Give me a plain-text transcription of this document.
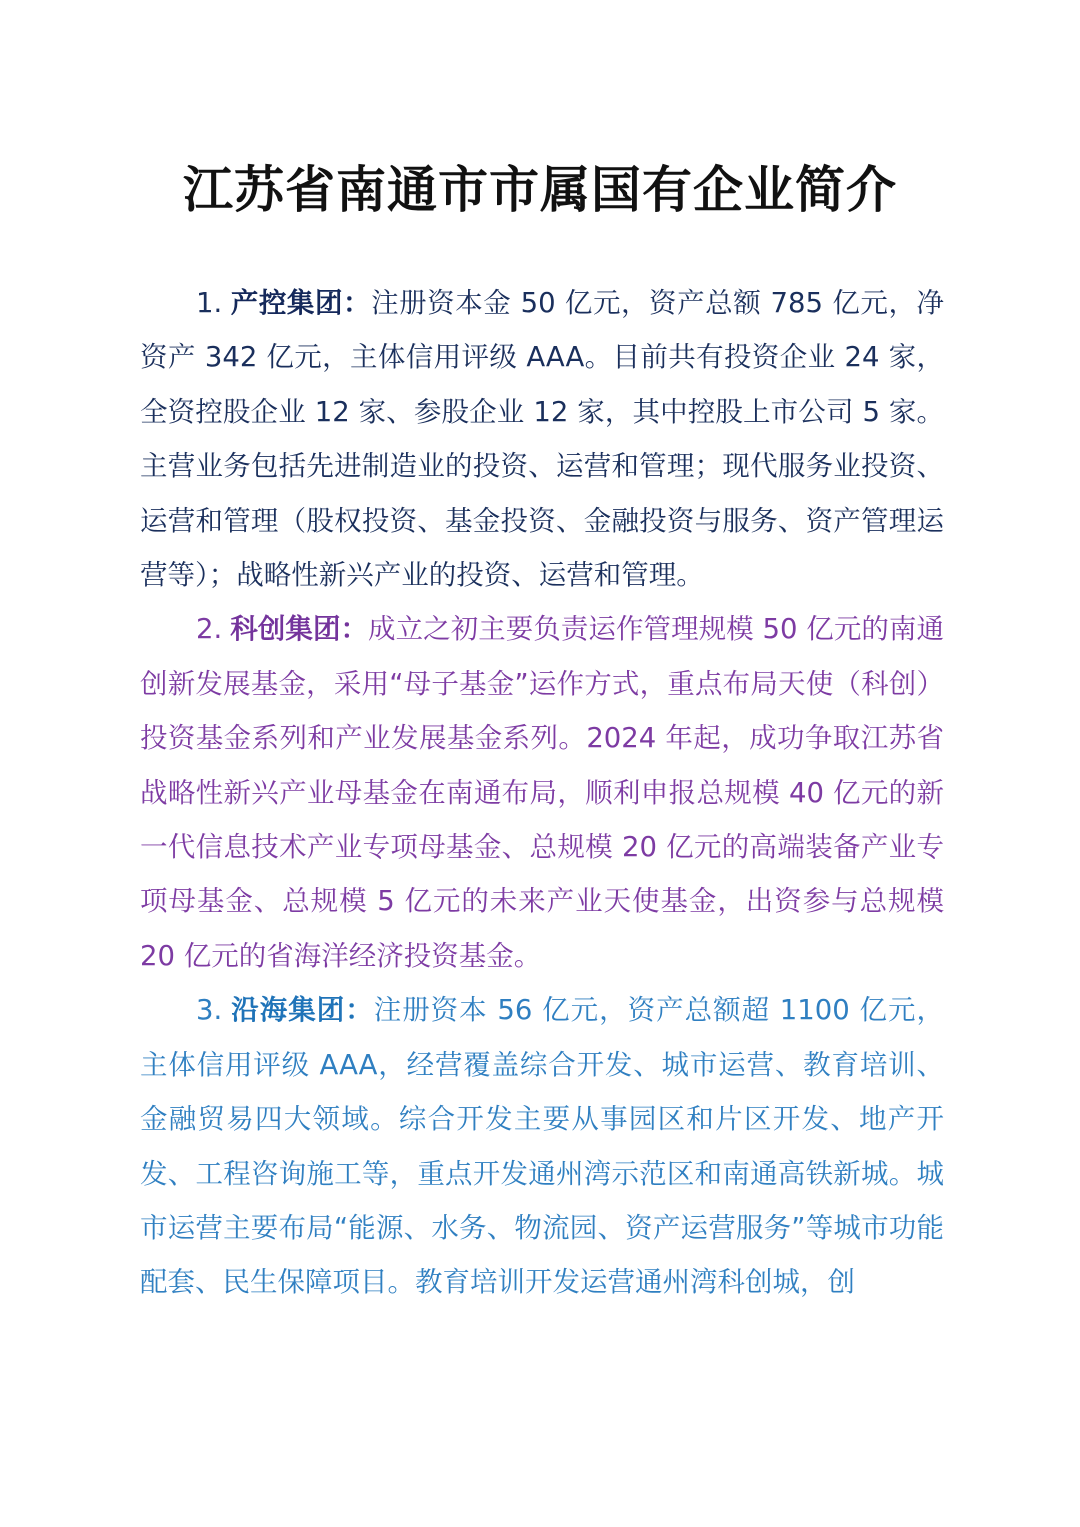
江苏省南通市市属国有企业简介

1. 产控集团：注册资本金 50 亿元，资产总额 785 亿元，净资产 342 亿元，主体信用评级 AAA。目前共有投资企业 24 家，全资控股企业 12 家、参股企业 12 家，其中控股上市公司 5 家。主营业务包括先进制造业的投资、运营和管理；现代服务业投资、运营和管理（股权投资、基金投资、金融投资与服务、资产管理运营等）；战略性新兴产业的投资、运营和管理。

2. 科创集团：成立之初主要负责运作管理规模 50 亿元的南通创新发展基金，采用“母子基金”运作方式，重点布局天使（科创）投资基金系列和产业发展基金系列。2024 年起，成功争取江苏省战略性新兴产业母基金在南通布局，顺利申报总规模 40 亿元的新一代信息技术产业专项母基金、总规模 20 亿元的高端装备产业专项母基金、总规模 5 亿元的未来产业天使基金，出资参与总规模 20 亿元的省海洋经济投资基金。

3. 沿海集团：注册资本 56 亿元，资产总额超 1100 亿元，主体信用评级 AAA，经营覆盖综合开发、城市运营、教育培训、金融贸易四大领域。综合开发主要从事园区和片区开发、地产开发、工程咨询施工等，重点开发通州湾示范区和南通高铁新城。城市运营主要布局“能源、水务、物流园、资产运营服务”等城市功能配套、民生保障项目。教育培训开发运营通州湾科创城，创
